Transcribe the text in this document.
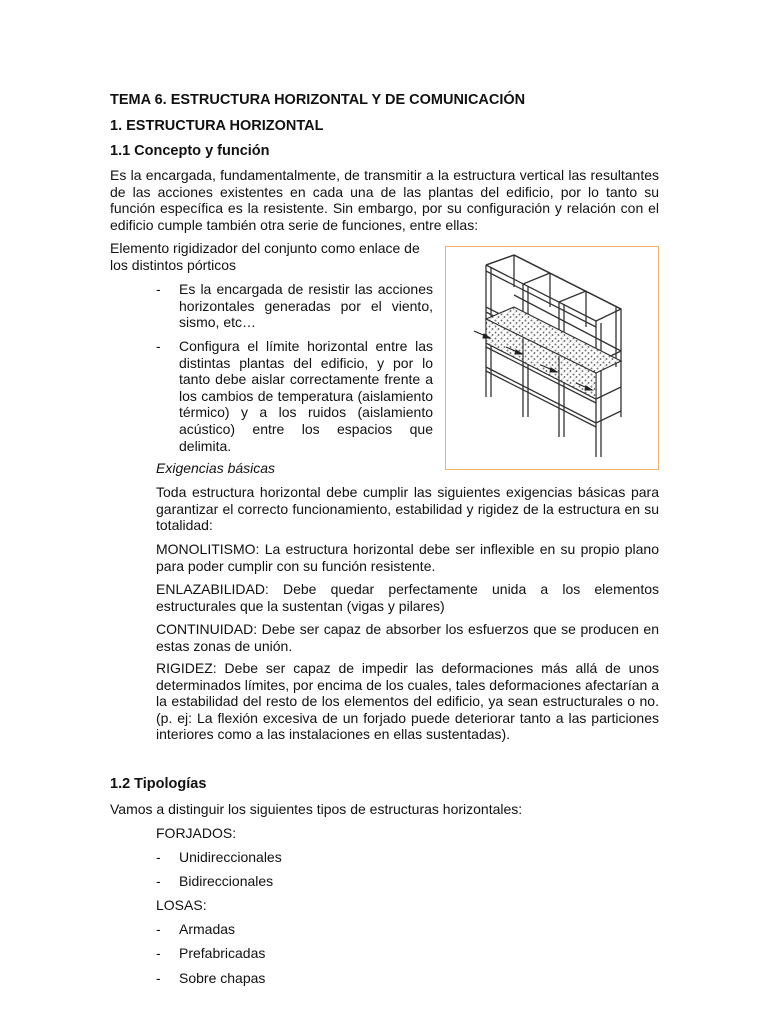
TEMA 6. ESTRUCTURA HORIZONTAL Y DE COMUNICACIÓN
1. ESTRUCTURA HORIZONTAL
1.1 Concepto y función
Es la encargada, fundamentalmente, de transmitir a la estructura vertical las resultantes de las acciones existentes en cada una de las plantas del edificio, por lo tanto su función específica es la resistente. Sin embargo, por su configuración y relación con el edificio cumple también otra serie de funciones, entre ellas:
Elemento rigidizador del conjunto como enlace de los distintos pórticos
- Es la encargada de resistir las acciones horizontales generadas por el viento, sismo, etc…
- Configura el límite horizontal entre las distintas plantas del edificio, y por lo tanto debe aislar correctamente frente a los cambios de temperatura (aislamiento térmico) y a los ruidos (aislamiento acústico) entre los espacios que delimita.
Exigencias básicas
Toda estructura horizontal debe cumplir las siguientes exigencias básicas para garantizar el correcto funcionamiento, estabilidad y rigidez de la estructura en su totalidad:
MONOLITISMO: La estructura horizontal debe ser inflexible en su propio plano para poder cumplir con su función resistente.
ENLAZABILIDAD: Debe quedar perfectamente unida a los elementos estructurales que la sustentan (vigas y pilares)
CONTINUIDAD: Debe ser capaz de absorber los esfuerzos que se producen en estas zonas de unión.
RIGIDEZ: Debe ser capaz de impedir las deformaciones más allá de unos determinados límites, por encima de los cuales, tales deformaciones afectarían a la estabilidad del resto de los elementos del edificio, ya sean estructurales o no. (p. ej: La flexión excesiva de un forjado puede deteriorar tanto a las particiones interiores como a las instalaciones en ellas sustentadas).
1.2 Tipologías
Vamos a distinguir los siguientes tipos de estructuras horizontales:
FORJADOS:
- Unidireccionales
- Bidireccionales
LOSAS:
- Armadas
- Prefabricadas
- Sobre chapas
